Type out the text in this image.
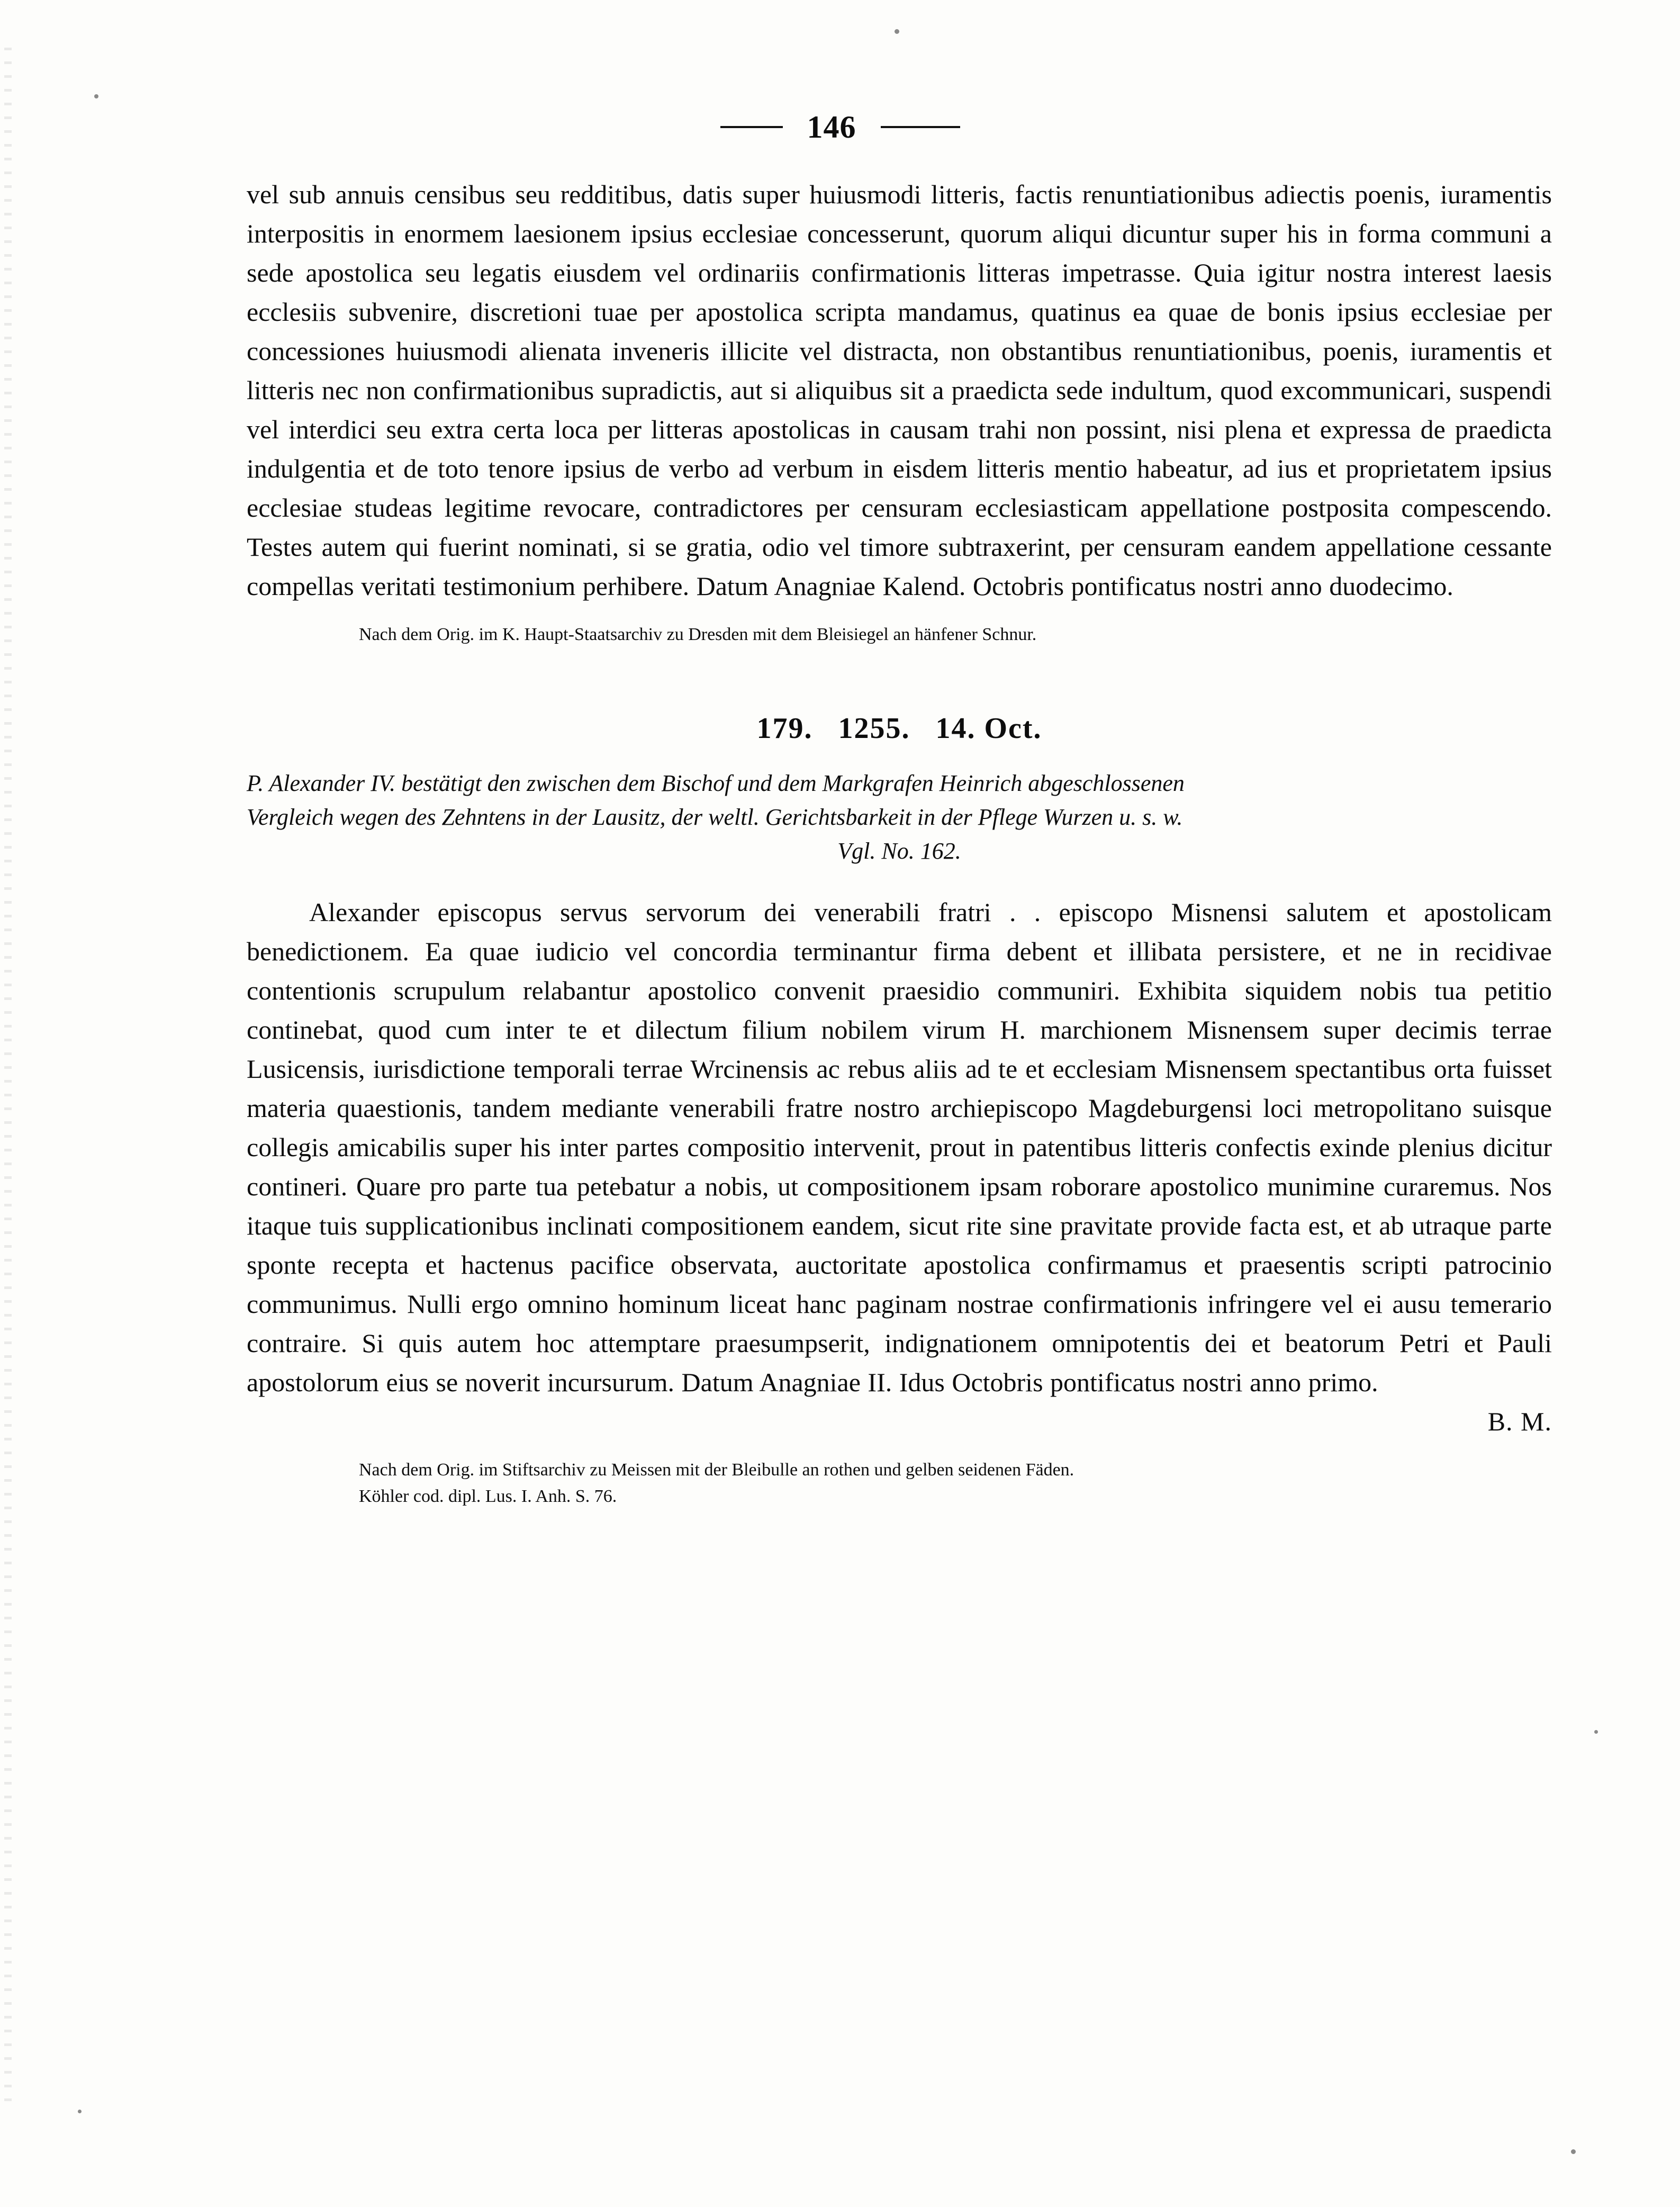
146

vel sub annuis censibus seu redditibus, datis super huiusmodi litteris, factis renuntiationibus adiectis poenis, iuramentis interpositis in enormem laesionem ipsius ecclesiae concesserunt, quorum aliqui dicuntur super his in forma communi a sede apostolica seu legatis eiusdem vel ordinariis confirmationis litteras impetrasse. Quia igitur nostra interest laesis ecclesiis subvenire, discretioni tuae per apostolica scripta mandamus, quatinus ea quae de bonis ipsius ecclesiae per concessiones huiusmodi alienata inveneris illicite vel distracta, non obstantibus renuntiationibus, poenis, iuramentis et litteris nec non confirmationibus supradictis, aut si aliquibus sit a praedicta sede indultum, quod excommunicari, suspendi vel interdici seu extra certa loca per litteras apostolicas in causam trahi non possint, nisi plena et expressa de praedicta indulgentia et de toto tenore ipsius de verbo ad verbum in eisdem litteris mentio habeatur, ad ius et proprietatem ipsius ecclesiae studeas legitime revocare, contradictores per censuram ecclesiasticam appellatione postposita compescendo. Testes autem qui fuerint nominati, si se gratia, odio vel timore subtraxerint, per censuram eandem appellatione cessante compellas veritati testimonium perhibere. Datum Anagniae Kalend. Octobris pontificatus nostri anno duodecimo.

Nach dem Orig. im K. Haupt-Staatsarchiv zu Dresden mit dem Bleisiegel an hänfener Schnur.
179. 1255. 14. Oct.
P. Alexander IV. bestätigt den zwischen dem Bischof und dem Markgrafen Heinrich abgeschlossenen
Vergleich wegen des Zehntens in der Lausitz, der weltl. Gerichtsbarkeit in der Pflege Wurzen u. s. w.
Vgl. No. 162.

Alexander episcopus servus servorum dei venerabili fratri . . episcopo Misnensi salutem et apostolicam benedictionem. Ea quae iudicio vel concordia terminantur firma debent et illibata persistere, et ne in recidivae contentionis scrupulum relabantur apostolico convenit praesidio communiri. Exhibita siquidem nobis tua petitio continebat, quod cum inter te et dilectum filium nobilem virum H. marchionem Misnensem super decimis terrae Lusicensis, iurisdictione temporali terrae Wrcinensis ac rebus aliis ad te et ecclesiam Misnensem spectantibus orta fuisset materia quaestionis, tandem mediante venerabili fratre nostro archiepiscopo Magdeburgensi loci metropolitano suisque collegis amicabilis super his inter partes compositio intervenit, prout in patentibus litteris confectis exinde plenius dicitur contineri. Quare pro parte tua petebatur a nobis, ut compositionem ipsam roborare apostolico munimine curaremus. Nos itaque tuis supplicationibus inclinati compositionem eandem, sicut rite sine pravitate provide facta est, et ab utraque parte sponte recepta et hactenus pacifice observata, auctoritate apostolica confirmamus et praesentis scripti patrocinio communimus. Nulli ergo omnino hominum liceat hanc paginam nostrae confirmationis infringere vel ei ausu temerario contraire. Si quis autem hoc attemptare praesumpserit, indignationem omnipotentis dei et beatorum Petri et Pauli apostolorum eius se noverit incursurum. Datum Anagniae II. Idus Octobris pontificatus nostri anno primo.

B. M.
Nach dem Orig. im Stiftsarchiv zu Meissen mit der Bleibulle an rothen und gelben seidenen Fäden.
Köhler cod. dipl. Lus. I. Anh. S. 76.
